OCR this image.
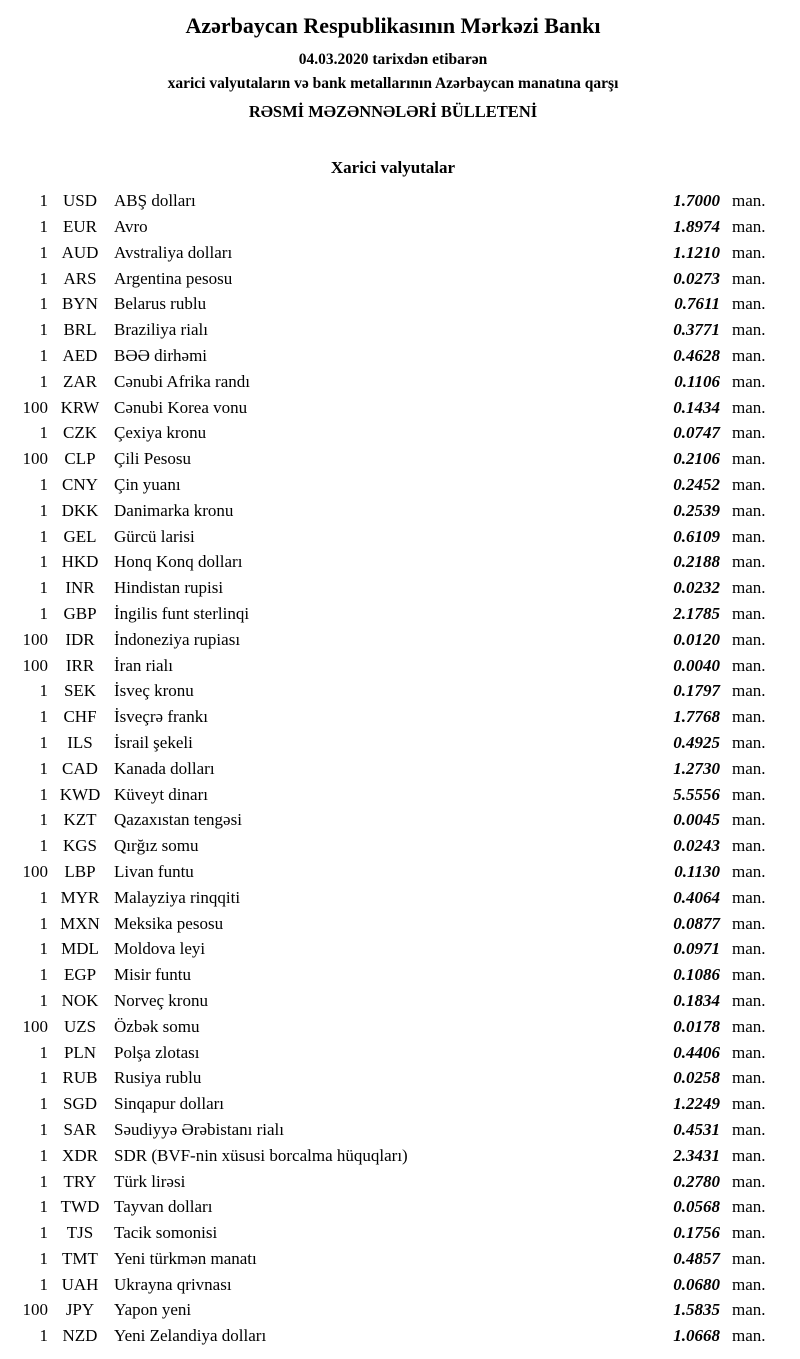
Azərbaycan Respublikasının Mərkəzi Bankı
04.03.2020 tarixdən etibarən
xarici valyutaların və bank metallarının Azərbaycan manatına qarşı
RƏSMİ MƏZƏNNƏLƏRİ BÜLLETENİ
Xarici valyutalar
1 USD	ABŞ dolları	1.7000 man.
1 EUR	Avro	1.8974 man.
1 AUD Avstraliya dolları	1.1210 man.
1 ARS	Argentina pesosu	0.0273 man.
1 BYN Belarus rublu	0.7611 man.
1 BRL	Braziliya rialı	0.3771 man.
1 AED BƏƏ dirhəmi	0.4628 man.
1 ZAR	Cənubi Afrika randı	0.1106 man.
100 KRW Cənubi Korea vonu	0.1434 man.
1 CZK	Çexiya kronu	0.0747 man.
100 CLP	Çili Pesosu	0.2106 man.
1 CNY Çin yuanı	0.2452 man.
1 DKK Danimarka kronu	0.2539 man.
1 GEL	Gürcü larisi	0.6109 man.
1 HKD Honq Konq dolları	0.2188 man.
1	INR	Hindistan rupisi	0.0232 man.
1 GBP	İngilis funt sterlinqi	2.1785 man.
100	IDR	İndoneziya rupiası	0.0120 man.
100	IRR	İran rialı	0.0040 man.
1 SEK	İsveç kronu	0.1797 man.
1 CHF	İsveçrə frankı	1.7768 man.
1	ILS	İsrail şekeli	0.4925 man.
1 CAD Kanada dolları	1.2730 man.
1 KWD Küveyt dinarı	5.5556 man.
1 KZT	Qazaxıstan tengəsi	0.0045 man.
1 KGS	Qırğız somu	0.0243 man.
100 LBP	Livan funtu	0.1130 man.
1 MYR Malayziya rinqqiti	0.4064 man.
1 MXN Meksika pesosu	0.0877 man.
1 MDL Moldova leyi	0.0971 man.
1 EGP	Misir funtu	0.1086 man.
1 NOK Norveç kronu	0.1834 man.
100 UZS	Özbək somu	0.0178 man.
1 PLN	Polşa zlotası	0.4406 man.
1 RUB Rusiya rublu	0.0258 man.
1 SGD	Sinqapur dolları	1.2249 man.
1 SAR	Səudiyyə Ərəbistanı rialı	0.4531 man.
1 XDR SDR (BVF-nin xüsusi borcalma hüquqları)	2.3431 man.
1 TRY	Türk lirəsi	0.2780 man.
1 TWD Tayvan dolları	0.0568 man.
1	TJS	Tacik somonisi	0.1756 man.
1 TMT Yeni türkmən manatı	0.4857 man.
1 UAH Ukrayna qrivnası	0.0680 man.
100	JPY	Yapon yeni	1.5835 man.
1 NZD Yeni Zelandiya dolları	1.0668 man.
